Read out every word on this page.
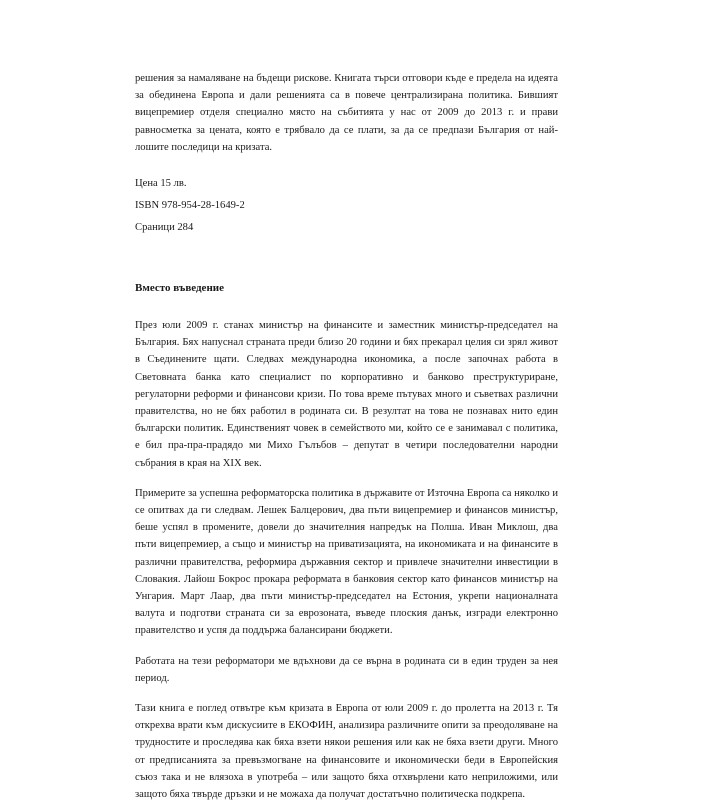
решения за намаляване на бъдещи рискове. Книгата търси отговори къде е предела на идеята за обединена Европа и дали решенията са в повече централизирана политика. Бившият вицепремиер отделя специално място на събитията у нас от 2009 до 2013 г. и прави равносметка за цената, която е трябвало да се плати, за да се предпази България от най-лошите последици на кризата.

Цена 15 лв.

ISBN 978-954-28-1649-2

Сраници 284

Вместо въведение

През юли 2009 г. станах министър на финансите и заместник министър-председател на България. Бях напуснал страната преди близо 20 години и бях прекарал целия си зрял живот в Съединените щати. Следвах международна икономика, а после започнах работа в Световната банка като специалист по корпоративно и банково преструктуриране, регулаторни реформи и финансови кризи. По това време пътувах много и съветвах различни правителства, но не бях работил в родината си. В резултат на това не познавах нито един български политик. Единственият човек в семейството ми, който се е занимавал с политика, е бил пра-пра-прадядо ми Михо Гълъбов – депутат в четири последователни народни събрания в края на XIX век.

Примерите за успешна реформаторска политика в държавите от Източна Европа са няколко и се опитвах да ги следвам. Лешек Балцерович, два пъти вицепремиер и финансов министър, беше успял в промените, довели до значителния напредък на Полша. Иван Миклош, два пъти вицепремиер, а също и министър на приватизацията, на икономиката и на финансите в различни правителства, реформира държавния сектор и привлече значителни инвестиции в Словакия. Лайош Бокрос прокара реформата в банковия сектор като финансов министър на Унгария. Март Лаар, два пъти министър-председател на Естония, укрепи националната валута и подготви страната си за еврозоната, въведе плоския данък, изгради електронно правителство и успя да поддържа балансирани бюджети.

Работата на тези реформатори ме вдъхнови да се върна в родината си в един труден за нея период.

Тази книга е поглед отвътре към кризата в Европа от юли 2009 г. до пролетта на 2013 г. Тя откреxва врати към дискусиите в ЕКОФИН, анализира различните опити за преодоляване на трудностите и проследява как бяха взети някои решения или как не бяха взети други. Много от предписанията за превъзмогване на финансовите и икономически беди в Европейския съюз така и не влязоха в употреба – или защото бяха отхвърлени като неприложими, или защото бяха твърде дръзки и не можаха да получат достатъчно политическа подкрепа.
